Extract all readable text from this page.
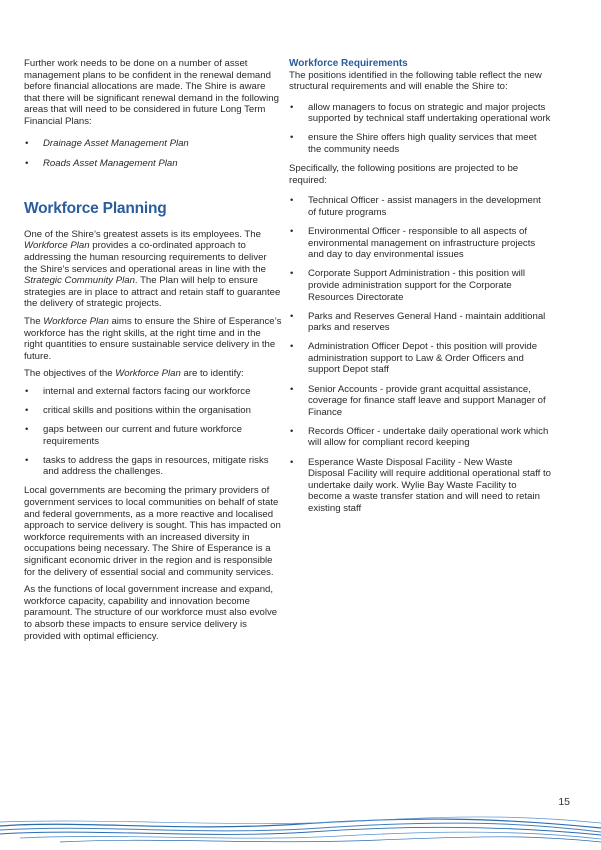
Further work needs to be done on a number of asset management plans to be confident in the renewal demand before financial allocations are made. The Shire is aware that there will be significant renewal demand in the following areas that will need to be considered in future Long Term Financial Plans:

• Drainage Asset Management Plan
• Roads Asset Management Plan
Workforce Planning

One of the Shire’s greatest assets is its employees. The Workforce Plan provides a co-ordinated approach to addressing the human resourcing requirements to deliver the Shire’s services and operational areas in line with the Strategic Community Plan. The Plan will help to ensure strategies are in place to attract and retain staff to guarantee the delivery of strategic projects.

The Workforce Plan aims to ensure the Shire of Esperance’s workforce has the right skills, at the right time and in the right quantities to ensure sustainable service delivery in the future.

The objectives of the Workforce Plan are to identify:

• internal and external factors facing our workforce
• critical skills and positions within the organisation
• gaps between our current and future workforce requirements
• tasks to address the gaps in resources, mitigate risks and address the challenges.

Local governments are becoming the primary providers of government services to local communities on behalf of state and federal governments, as a more reactive and localised approach to service delivery is sought. This has impacted on workforce requirements with an increased diversity in occupations being necessary. The Shire of Esperance is a significant economic driver in the region and is responsible for the delivery of essential social and community services.

As the functions of local government increase and expand, workforce capacity, capability and innovation become paramount. The structure of our workforce must also evolve to absorb these impacts to ensure service delivery is provided with optimal efficiency.

Workforce Requirements

The positions identified in the following table reflect the new structural requirements and will enable the Shire to:

• allow managers to focus on strategic and major projects supported by technical staff undertaking operational work
• ensure the Shire offers high quality services that meet the community needs

Specifically, the following positions are projected to be required:

• Technical Officer - assist managers in the development of future programs
• Environmental Officer - responsible to all aspects of environmental management on infrastructure projects and day to day environmental issues
• Corporate Support Administration - this position will provide administration support for the Corporate Resources Directorate
• Parks and Reserves General Hand - maintain additional parks and reserves
• Administration Officer Depot - this position will provide administration support to Law & Order Officers and support Depot staff
• Senior Accounts - provide grant acquittal assistance, coverage for finance staff leave and support Manager of Finance
• Records Officer - undertake daily operational work which will allow for compliant record keeping
• Esperance Waste Disposal Facility - New Waste Disposal Facility will require additional operational staff to undertake daily work. Wylie Bay Waste Facility to become a waste transfer station and will need to retain existing staff
15
